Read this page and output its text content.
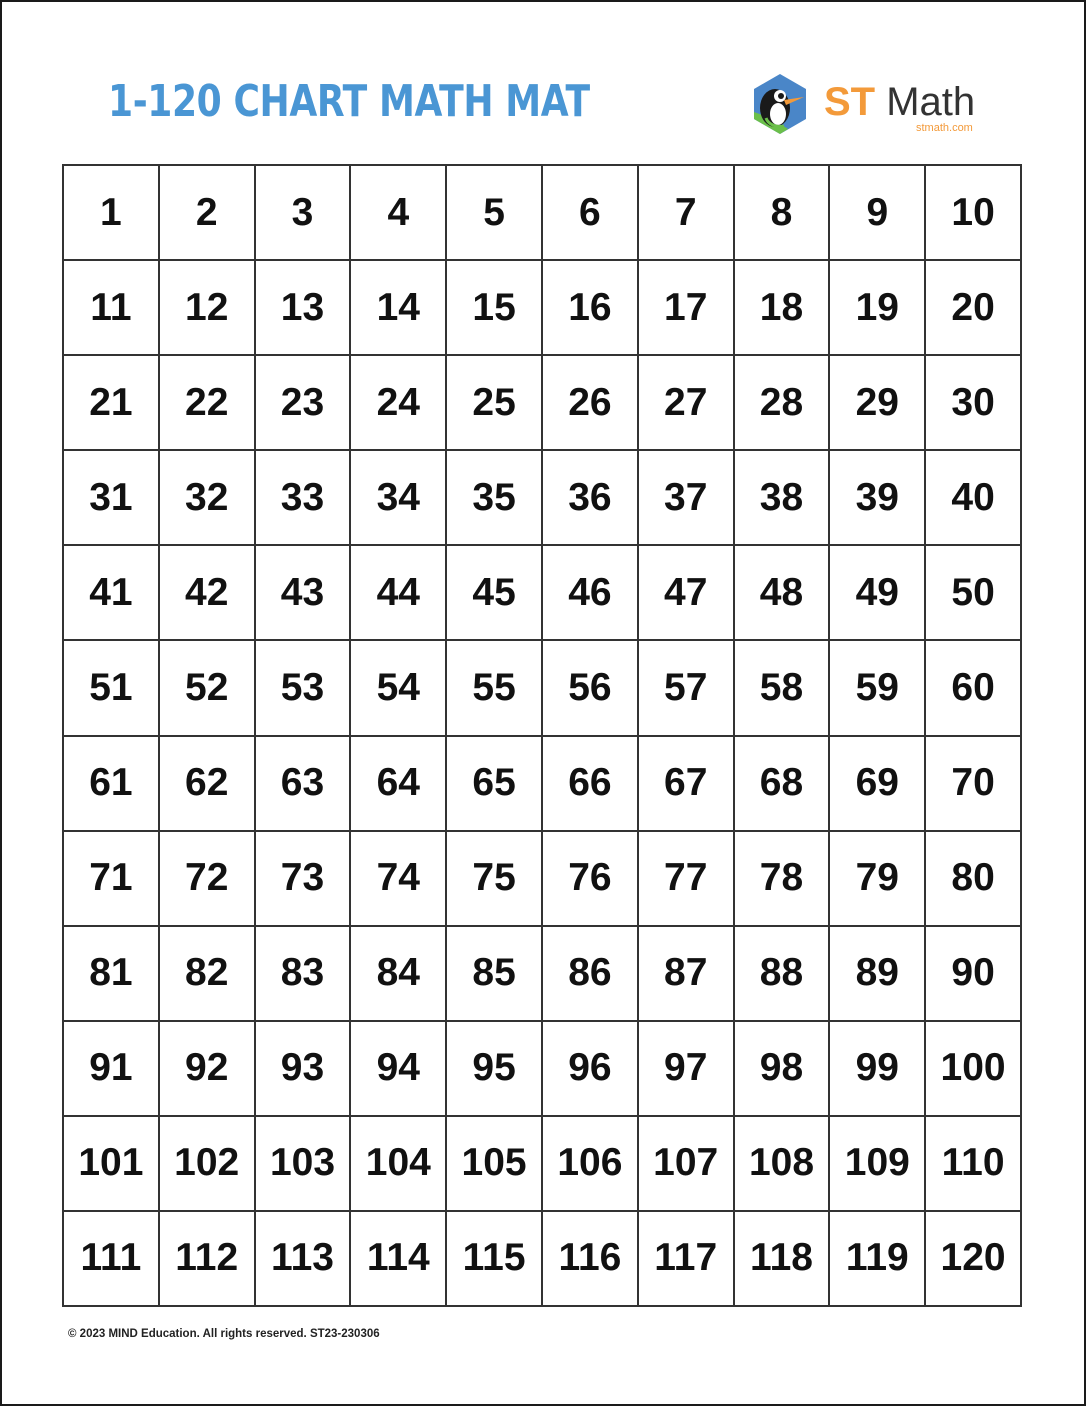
1-120 CHART MATH MAT	ST Math
stmath.com
1	2	3	4	5	6	7	8	9	10
11	12	13	14	15	16	17	18	19	20
21	22	23	24	25	26	27	28	29	30
31	32	33	34	35	36	37	38	39	40
41	42	43	44	45	46	47	48	49	50
51	52	53	54	55	56	57	58	59	60
61	62	63	64	65	66	67	68	69	70
71	72	73	74	75	76	77	78	79	80
81	82	83	84	85	86	87	88	89	90
91	92	93	94	95	96	97	98	99	100
101 102 103 104 105 106 107 108 109 110
111 112 113 114 115 116 117 118 119 120
© 2023 MIND Education. All rights reserved. ST23-230306
